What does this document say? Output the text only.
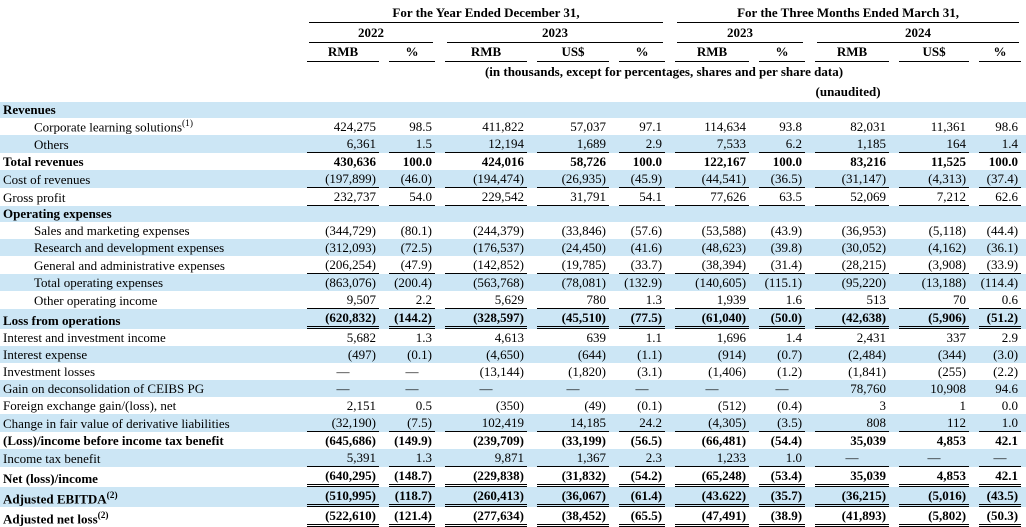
	For the Year Ended December 31,					For the Three Months Ended March 31,				

	2022		2023			2023		2024		

	RMB	%	RMB	US$	%	RMB	%	RMB	US$	%

	(in thousands, except for percentages, shares and per share data)									

						(unaudited)				

Revenues										
Corporate learning solutions$^{(1)}$	424,275	98.5	411,822	57,037	97.1	114,634	93.8	82,031	11,361	98.6

Others	6,361	1.5	12,194	1,689	2.9	7,533	6.2	1,185	164	1.4

Total revenues	430,636	100.0	424,016	58,726	100.0	122,167	100.0	83,216	11,525	100.0

Cost of revenues	(197,899)	(46.0)	(194,474)	(26,935)	(45.9)	(44,541)	(36.5)	(31,147)	(4,313)	(37.4)

Gross profit	232,737	54.0	229,542	31,791	54.1	77,626	63.5	52,069	7,212	62.6

Operating expenses										
Sales and marketing expenses	(344,729)	(80.1)	(244,379)	(33,846)	(57.6)	(53,588)	(43.9)	(36,953)	(5,118)	(44.4)

Research and development expenses	(312,093)	(72.5)	(176,537)	(24,450)	(41.6)	(48,623)	(39.8)	(30,052)	(4,162)	(36.1)

General and administrative expenses	(206,254)	(47.9)	(142,852)	(19,785)	(33.7)	(38,394)	(31.4)	(28,215)	(3,908)	(33.9)

Total operating expenses	(863,076)	(200.4)	(563,768)	(78,081)	(132.9)	(140,605)	(115.1)	(95,220)	(13,188)	(114.4)

Other operating income	9,507	2.2	5,629	780	1.3	1,939	1.6	513	70	0.6

Loss from operations	(620,832)	(144.2)	(328,597)	(45,510)	(77.5)	(61,040)	(50.0)	(42,638)	(5,906)	(51.2)

Interest and investment income	5,682	1.3	4,613	639	1.1	1,696	1.4	2,431	337	2.9

Interest expense	(497)	(0.1)	(4,650)	(644)	(1.1)	(914)	(0.7)	(2,484)	(344)	(3.0)

Investment losses	—	—	(13,144)	(1,820)	(3.1)	(1,406)	(1.2)	(1,841)	(255)	(2.2)

Gain on deconsolidation of CEIBS PG	—	—	—	—	—	—	—	78,760	10,908	94.6

Foreign exchange gain/(loss), net	2,151	0.5	(350)	(49)	(0.1)	(512)	(0.4)	3	1	0.0

Change in fair value of derivative liabilities	(32,190)	(7.5)	102,419	14,185	24.2	(4,305)	(3.5)	808	112	1.0

(Loss)/income before income tax benefit	(645,686)	(149.9)	(239,709)	(33,199)	(56.5)	(66,481)	(54.4)	35,039	4,853	42.1

Income tax benefit	5,391	1.3	9,871	1,367	2.3	1,233	1.0	—	—	—

Net (loss)/income	(640,295)	(148.7)	(229,838)	(31,832)	(54.2)	(65,248)	(53.4)	35,039	4,853	42.1

Adjusted EBITDA$^{(2)}$	(510,995)	(118.7)	(260,413)	(36,067)	(61.4)	(43.622)	(35.7)	(36,215)	(5,016)	(43.5)

Adjusted net loss$^{(2)}$	(522,610)	(121.4)	(277,634)	(38,452)	(65.5)	(47,491)	(38.9)	(41,893)	(5,802)	(50.3)
